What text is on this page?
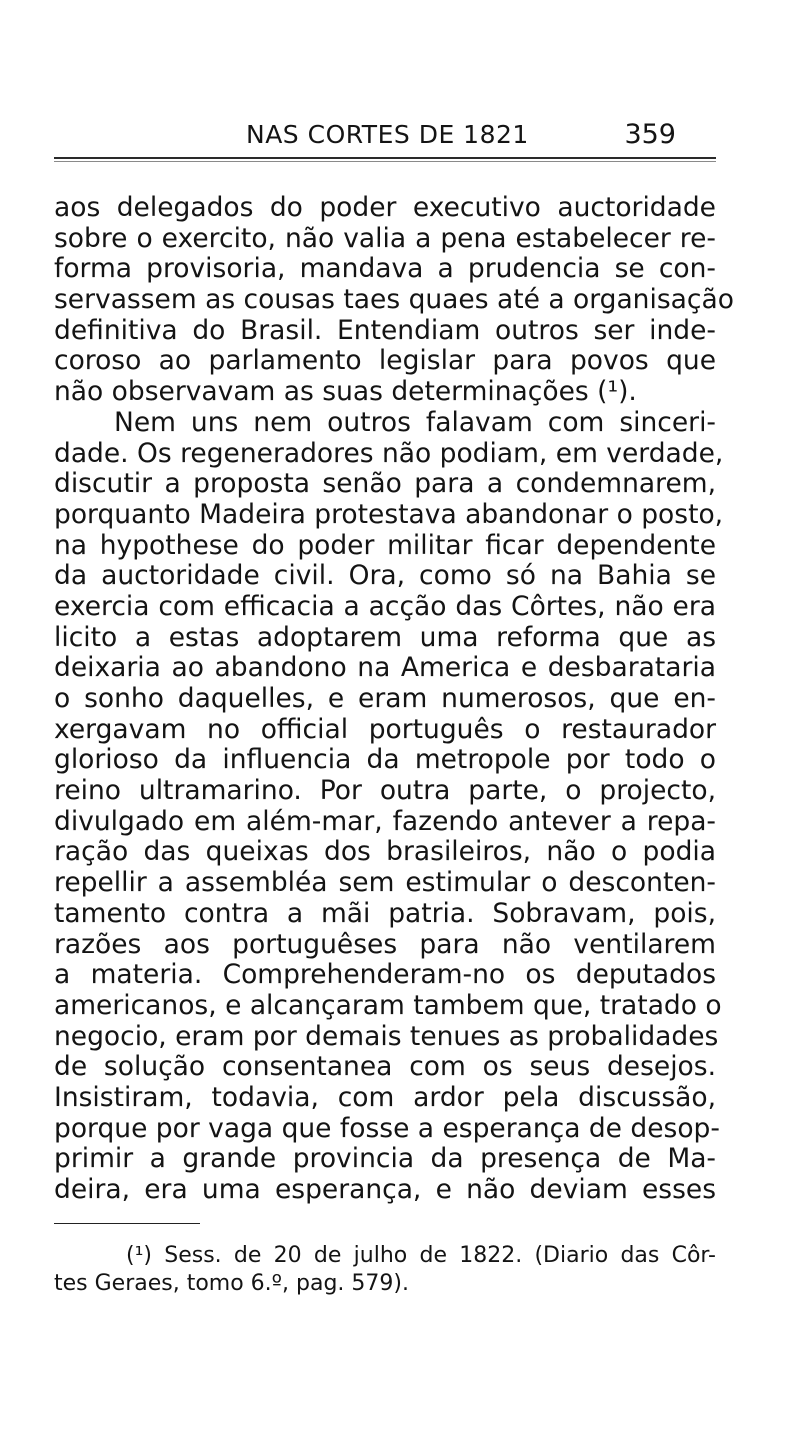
NAS CORTES DE 1821	359
aos delegados do poder executivo auctoridade
sobre o exercito, não valia a pena estabelecer re-
forma provisoria, mandava a prudencia se con-
servassem as cousas taes quaes até a organisação
definitiva do Brasil. Entendiam outros ser inde-
coroso ao parlamento legislar para povos que
não observavam as suas determinações (¹).
Nem uns nem outros falavam com sinceri-
dade. Os regeneradores não podiam, em verdade,
discutir a proposta senão para a condemnarem,
porquanto Madeira protestava abandonar o posto,
na hypothese do poder militar ficar dependente
da auctoridade civil. Ora, como só na Bahia se
exercia com efficacia a acção das Côrtes, não era
licito a estas adoptarem uma reforma que as
deixaria ao abandono na America e desbarataria
o sonho daquelles, e eram numerosos, que en-
xergavam no official português o restaurador
glorioso da influencia da metropole por todo o
reino ultramarino. Por outra parte, o projecto,
divulgado em além-mar, fazendo antever a repa-
ração das queixas dos brasileiros, não o podia
repellir a assembléa sem estimular o desconten-
tamento contra a mãi patria. Sobravam, pois,
razões aos portuguêses para não ventilarem
a materia. Comprehenderam-no os deputados
americanos, e alcançaram tambem que, tratado o
negocio, eram por demais tenues as probalidades
de solução consentanea com os seus desejos.
Insistiram, todavia, com ardor pela discussão,
porque por vaga que fosse a esperança de desop-
primir a grande provincia da presença de Ma-
deira, era uma esperança, e não deviam esses
(¹) Sess. de 20 de julho de 1822. (Diario das Côr-
tes Geraes, tomo 6.º, pag. 579).
